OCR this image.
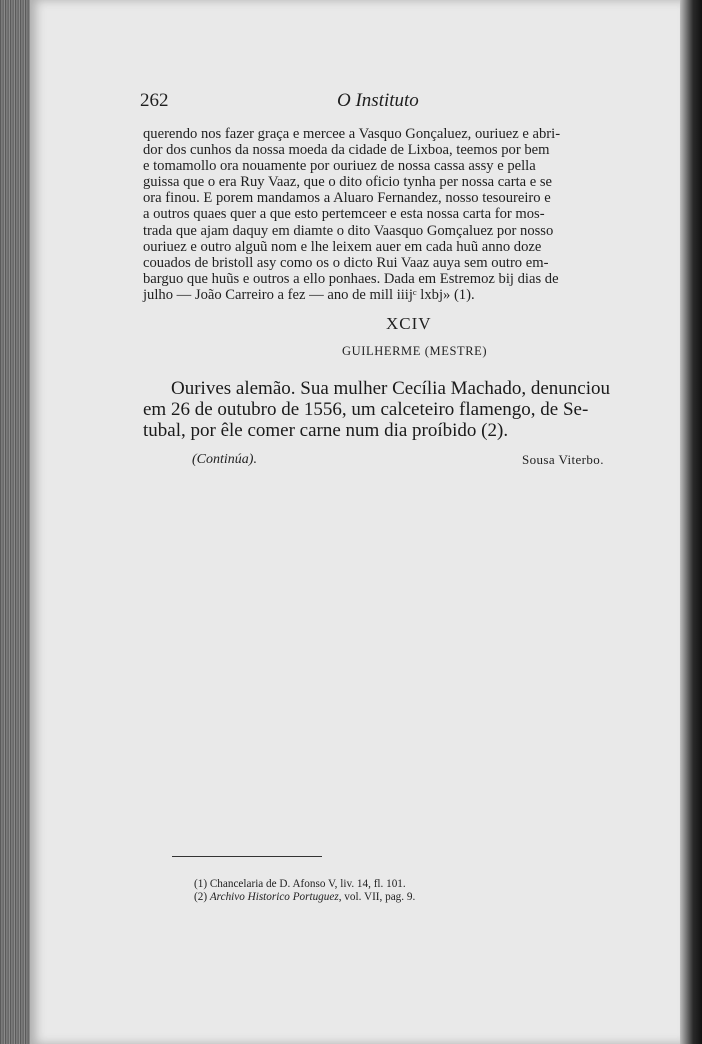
262	O Instituto
querendo nos fazer graça e mercee a Vasquo Gonçaluez, ouriuez e abri-
dor dos cunhos da nossa moeda da cidade de Lixboa, teemos por bem
e tomamollo ora nouamente por ouriuez de nossa cassa assy e pella
guissa que o era Ruy Vaaz, que o dito oficio tynha per nossa carta e se
ora finou. E porem mandamos a Aluaro Fernandez, nosso tesoureiro e
a outros quaes quer a que esto pertemceer e esta nossa carta for mos-
trada que ajam daquy em diamte o dito Vaasquo Gomçaluez por nosso
ouriuez e outro alguũ nom e lhe leixem auer em cada huũ anno doze
couados de bristoll asy como os o dicto Rui Vaaz auya sem outro em-
barguo que huũs e outros a ello ponhaes. Dada em Estremoz bij dias de
julho — João Carreiro a fez — ano de mill iiijᶜ lxbj» (1).
XCIV
GUILHERME (MESTRE)
Ourives alemão. Sua mulher Cecília Machado, denunciou
em 26 de outubro de 1556, um calceteiro flamengo, de Se-
tubal, por êle comer carne num dia proíbido (2).
(Continúa).	Sousa Viterbo.
(1) Chancelaria de D. Afonso V, liv. 14, fl. 101.
(2) Archivo Historico Portuguez, vol. VII, pag. 9.
